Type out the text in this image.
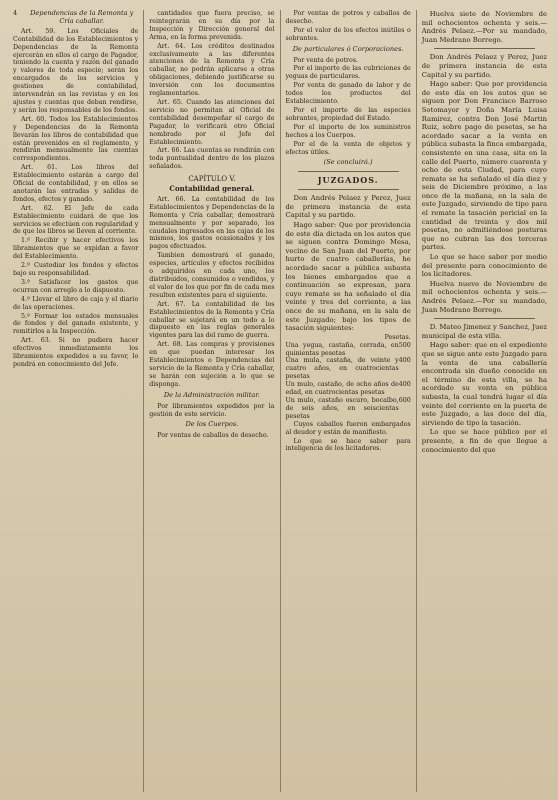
4	Dependencias de la Remonta y Cría caballar.

Art. 59. Los Oficiales de Contabilidad de los Establecimientos y Dependencias de la Remonta ejercerán en ellos el cargo de Pagador, teniendo la cuenta y razón del ganado y valores de toda especie; serán los encargados de los servicios y gestiones de contabilidad, intervendrán en las revistas y en los ajustes y cuentas que deban rendirse, y serán los responsables de los fondos.

Art. 60. Todos los Establecimientos y Dependencias de la Remonta llevarán los libros de contabilidad que están prevenidos en el reglamento, y rendirán mensualmente las cuentas correspondientes.

Art. 61. Los libros del Establecimiento estarán a cargo del Oficial de contabilidad, y en ellos se anotarán las entradas y salidas de fondos, efectos y ganado.

Art. 62. El Jefe de cada Establecimiento cuidará de que los servicios se efectúen con regularidad y de que los libros se lleven al corriente.

1.º Recibir y hacer efectivos los libramientos que se expidan a favor del Establecimiento.

2.º Custodiar los fondos y efectos bajo su responsabilidad.

3.º Satisfacer los gastos que ocurran con arreglo a lo dispuesto.

4.º Llevar el libro de caja y el diario de las operaciones.

5.º Formar los estados mensuales de fondos y del ganado existente, y remitirlos a la Inspección.

Art. 63. Si no pudiera hacer efectivos inmediatamente los libramientos expedidos a su favor, lo pondrá en conocimiento del Jefe.

cantidades que fuera preciso, se reintegrarán en su día por la Inspección y Dirección general del Arma, en la forma prevenida.

Art. 64. Los créditos destinados exclusivamente a las diferentes atenciones de la Remonta y Cría caballar, no podrán aplicarse a otras obligaciones, debiendo justificarse su inversión con los documentos reglamentarios.

Art. 65. Cuando las atenciones del servicio no permitan al Oficial de contabilidad desempeñar el cargo de Pagador, lo verificará otro Oficial nombrado por el Jefe del Establecimiento.

Art. 66. Las cuentas se rendirán con toda puntualidad dentro de los plazos señalados.

CAPÍTULO V.
Contabilidad general.

Art. 66. La contabilidad de los Establecimientos y Dependencias de la Remonta y Cría caballar, demostrará mensualmente y por separado, los caudales ingresados en las cajas de los mismos, los gastos ocasionados y los pagos efectuados.

Tambien demostrará el ganado, especies, artículos y efectos recibidos o adquiridos en cada uno, los distribuidos, consumidos o vendidos, y el valor de los que por fin de cada mes resulten existentes para el siguiente.

Art. 67. La contabilidad de los Establecimientos de la Remonta y Cría caballar se sujetará en un todo a lo dispuesto en las reglas generales vigentes para las del ramo de guerra.

Art. 68. Las compras y provisiones en que puedan interesar los Establecimientos o Dependencias del servicio de la Remonta y Cría caballar, se harán con sujeción a lo que se disponga.

De la Administración militar.

Por libramientos expedidos por la gestión de este servicio.

De los Cuerpos.

Por ventas de caballos de desecho.

Por ventas de potros y caballos de desecho.

Por el valor de los efectos inútiles o sobrantes.

De particulares ó Corporaciones.

Por venta de potros.

Por el importe de las cubriciones de yeguas de particulares.

Por venta de ganado de labor y de todos los productos del Establecimiento.

Por el importe de las especies sobrantes, propiedad del Estado.

Por el importe de los suministros hechos a los Cuerpos.

Por el de la venta de objetos y efectos útiles.

(Se concluirá.)
JUZGADOS.

Don Andrés Pelaez y Perez, Juez de primera instancia de esta Capital y su partido.

Hago saber: Que por providencia de este día dictada en los autos que se siguen contra Domingo Mesa, vecino de San Juan del Puerto, por hurto de cuatro caballerías, he acordado sacar a pública subasta los bienes embargados que a continuación se expresan, para cuyo remate se ha señalado el día veinte y tres del corriente, a las once de su mañana, en la sala de este Juzgado; bajo los tipos de tasación siguientes:

Pesetas.
Una yegua, castaña, cerrada, en quinientas pesetas
500
Una mula, castaña, de veinte y cuatro años, en cuatrocientas pesetas
400
Un mulo, castaño, de ocho años de edad, en cuatrocientas pesetas
400
Un mulo, castaño oscuro, bocalbo, de seis años, en seiscientas pesetas
600

Cuyos caballos fueron embargados al deudor y están de manifiesto.

Lo que se hace saber para inteligencia de los licitadores.

Huelva siete de Noviembre de mil ochocientos ochenta y seis.—Andrés Pelaez.—Por su mandado, Juan Medrano Borrego.

Don Andrés Pelaez y Perez, Juez de primera instancia de esta Capital y su partido.

Hago saber: Que por providencia de este día en los autos que se siguen por Don Francisco Barroso Sotomayor y Doña María Luisa Ramirez, contra Don José Martin Ruiz, sobre pago de pesetas, se ha acordado sacar a la venta en pública subasta la finca embargada, consistente en una casa, sita en la calle del Puerto, número cuarenta y ocho de esta Ciudad, para cuyo remate se ha señalado el día diez y seis de Diciembre próximo, a las once de la mañana, en la sala de este Juzgado, sirviendo de tipo para el remate la tasación pericial en la cantidad de treinta y dos mil pesetas, no admitiéndose posturas que no cubran las dos terceras partes.

Lo que se hace saber por medio del presente para conocimiento de los licitadores.

Huelva nueve de Noviembre de mil ochocientos ochenta y seis.—Andrés Pelaez.—Por su mandado, Juan Medrano Borrego.

D. Mateo Jimenez y Sanchez, Juez municipal de esta villa.

Hago saber: que en el expediente que se sigue ante este Juzgado para la venta de una caballería encontrada sin dueño conocido en el término de esta villa, se ha acordado su venta en pública subasta, la cual tendrá lugar el día veinte del corriente en la puerta de este Juzgado, a las doce del día, sirviendo de tipo la tasación.

Lo que se hace público por el presente, a fin de que llegue a conocimiento del que
